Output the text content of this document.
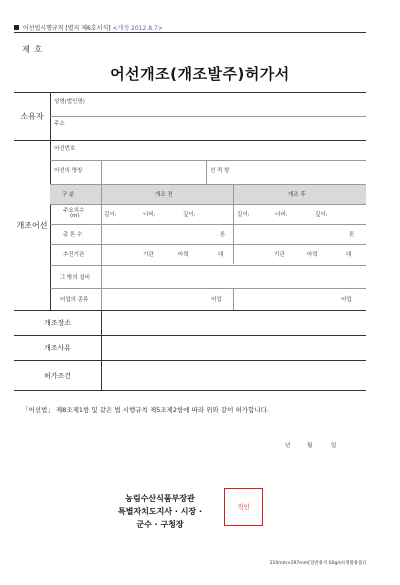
어선법시행규칙 [별지 제6호서식] <개정 2012.8.7>
제 호
어선개조(개조발주)허가서
소유자
성명(법인명)
주소
개조어선
어선번호
어선의 명칭	선 적 항
구 분	개조 전	개조 후
주요치수
(m)	길이:	너비:	깊이:	길이:	너비:	깊이:
총 톤 수	톤	톤
추진기관	기관	마력	대	기관	마력	대
그 밖의 설비
어업의 종류	어업	어업
개조장소
개조사유
허가조건
「어선법」 제8조제1항 및 같은 법 시행규칙 제5조제2항에 따라 위와 같이 허가합니다.
년	월	일
농림수산식품부장관
특별자치도지사 · 시장 ·
군수 · 구청장
직인
210mm×297mm[일반용지 60g/㎡(재활용품)]
